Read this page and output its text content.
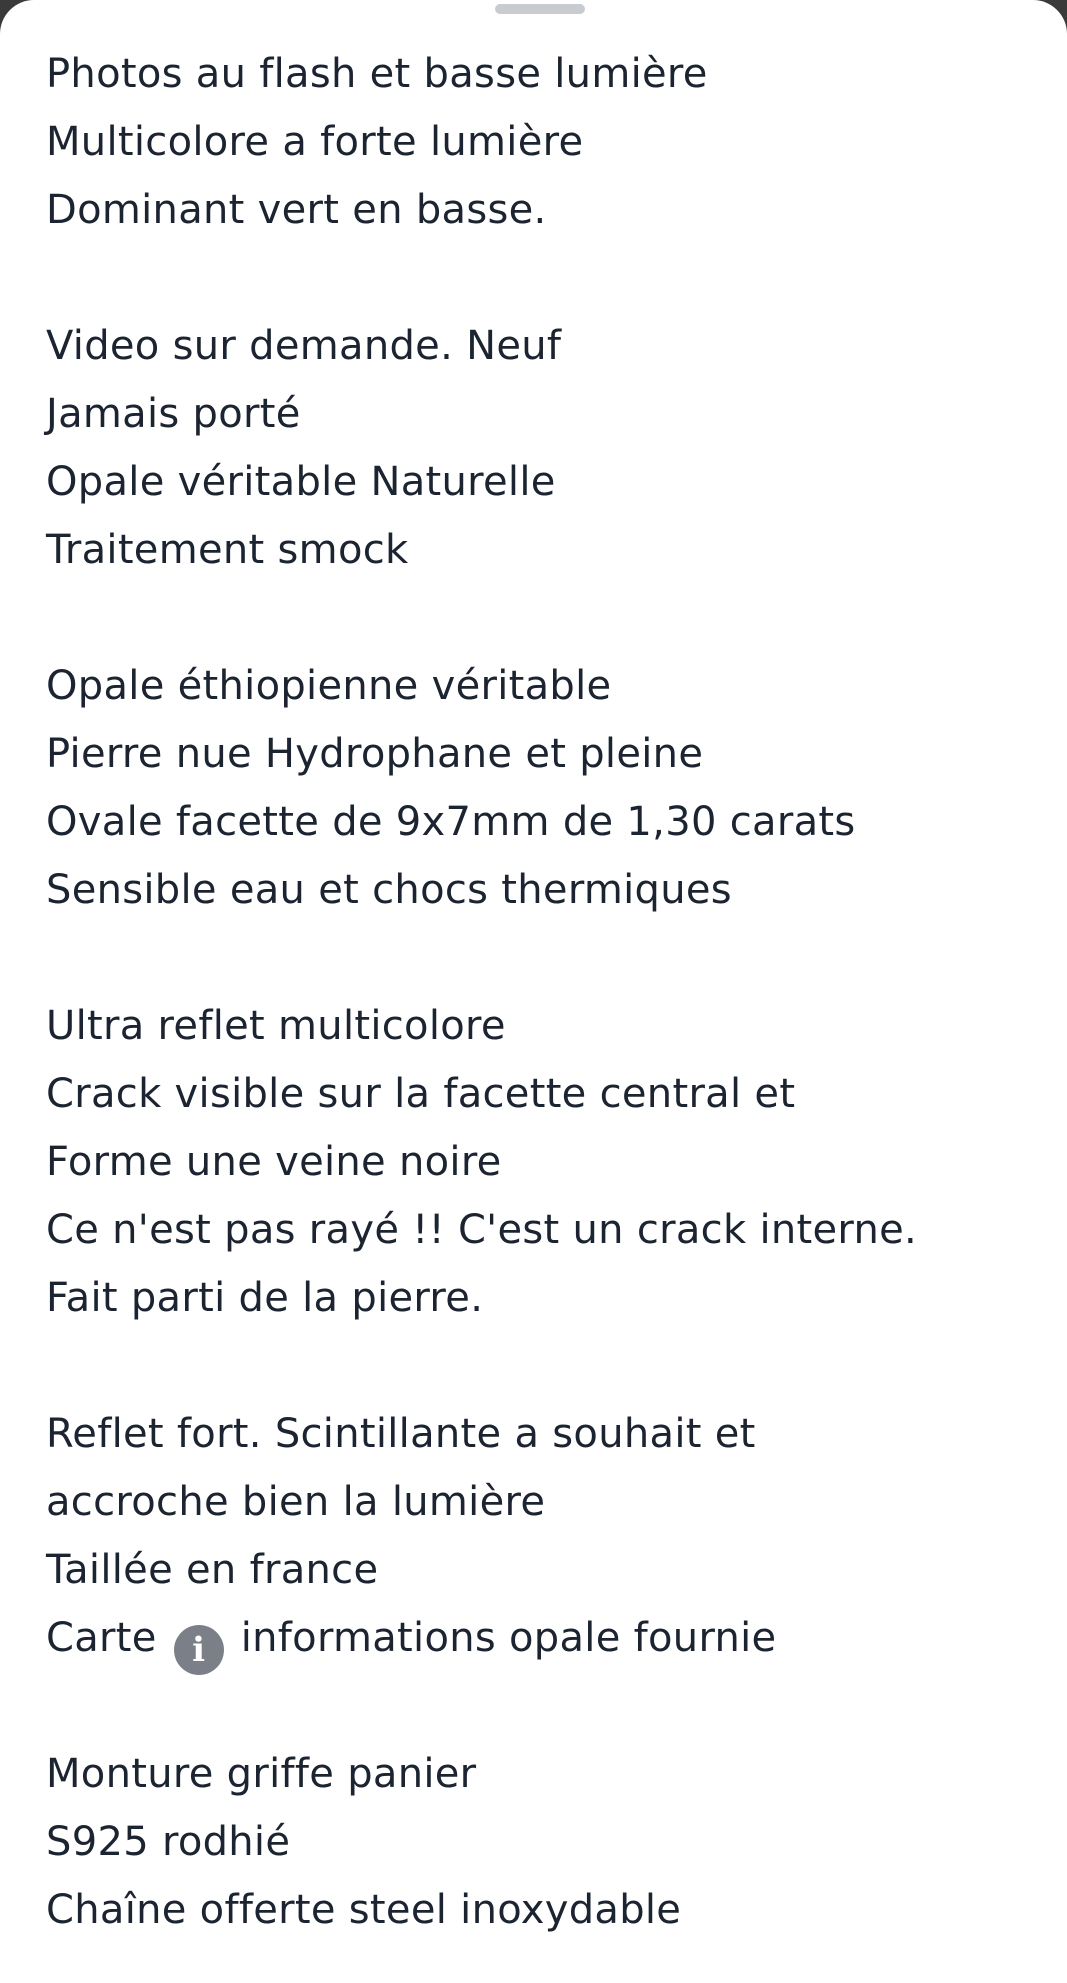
Photos au flash et basse lumière
Multicolore a forte lumière
Dominant vert en basse.
Video sur demande. Neuf
Jamais porté
Opale véritable Naturelle
Traitement smock
Opale éthiopienne véritable
Pierre nue Hydrophane et pleine
Ovale facette de 9x7mm de 1,30 carats
Sensible eau et chocs thermiques
Ultra reflet multicolore
Crack visible sur la facette central et
Forme une veine noire
Ce n'est pas rayé !! C'est un crack interne.
Fait parti de la pierre.
Reflet fort. Scintillante a souhait et
accroche bien la lumière
Taillée en france
Carte i informations opale fournie
Monture griffe panier
S925 rodhié
Chaîne offerte steel inoxydable
